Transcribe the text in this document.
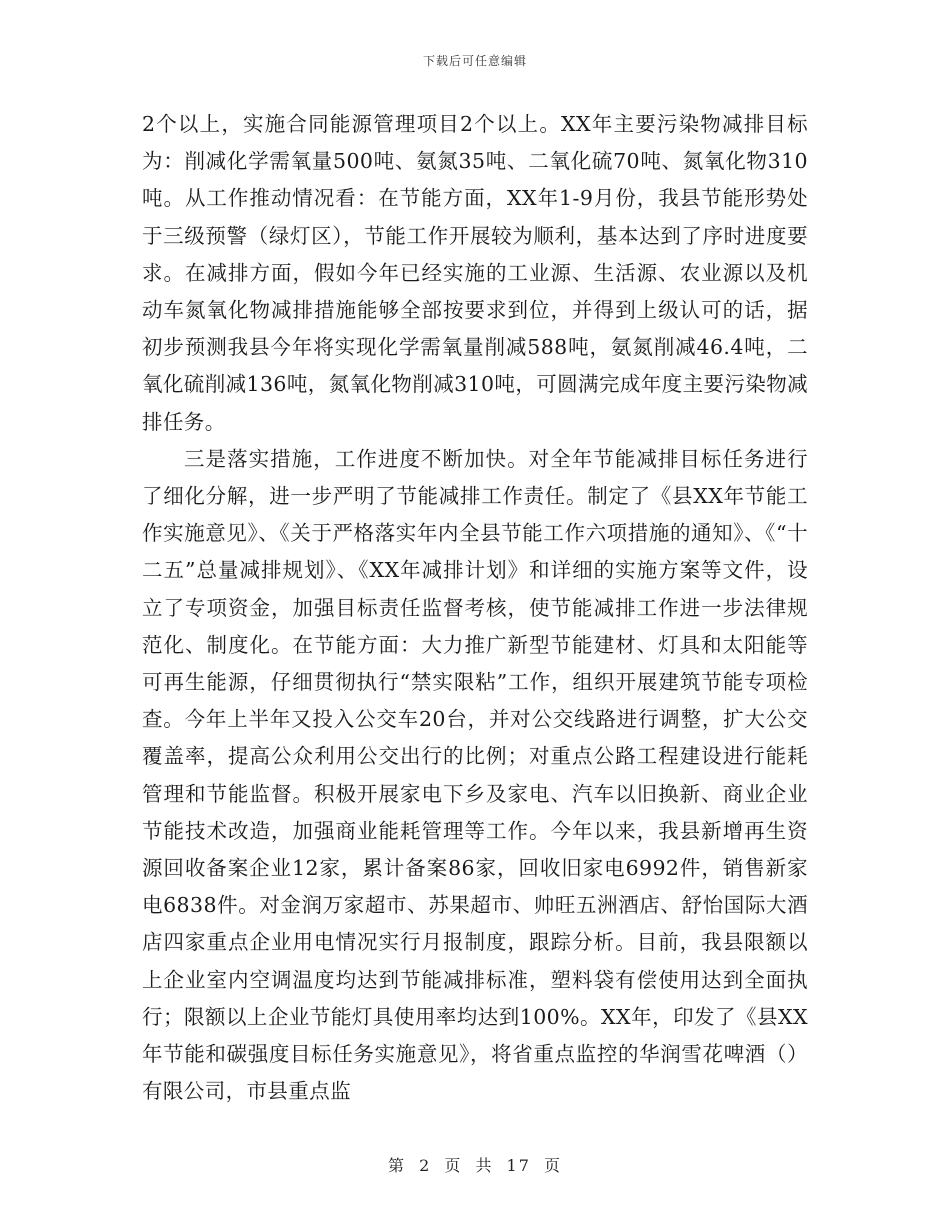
下载后可任意编辑

2个以上，实施合同能源管理项目2个以上。XX年主要污染物减排目标为：削减化学需氧量500吨、氨氮35吨、二氧化硫70吨、氮氧化物310吨。从工作推动情况看：在节能方面，XX年1-9月份，我县节能形势处于三级预警（绿灯区），节能工作开展较为顺利，基本达到了序时进度要求。在减排方面，假如今年已经实施的工业源、生活源、农业源以及机动车氮氧化物减排措施能够全部按要求到位，并得到上级认可的话，据初步预测我县今年将实现化学需氧量削减588吨，氨氮削减46.4吨，二氧化硫削减136吨，氮氧化物削减310吨，可圆满完成年度主要污染物减排任务。

三是落实措施，工作进度不断加快。对全年节能减排目标任务进行了细化分解，进一步严明了节能减排工作责任。制定了《县XX年节能工作实施意见》、《关于严格落实年内全县节能工作六项措施的通知》、《“十二五”总量减排规划》、《XX年减排计划》和详细的实施方案等文件，设立了专项资金，加强目标责任监督考核，使节能减排工作进一步法律规范化、制度化。在节能方面：大力推广新型节能建材、灯具和太阳能等可再生能源，仔细贯彻执行“禁实限粘”工作，组织开展建筑节能专项检查。今年上半年又投入公交车20台，并对公交线路进行调整，扩大公交覆盖率，提高公众利用公交出行的比例；对重点公路工程建设进行能耗管理和节能监督。积极开展家电下乡及家电、汽车以旧换新、商业企业节能技术改造，加强商业能耗管理等工作。今年以来，我县新增再生资源回收备案企业12家，累计备案86家，回收旧家电6992件，销售新家电6838件。对金润万家超市、苏果超市、帅旺五洲酒店、舒怡国际大酒店四家重点企业用电情况实行月报制度，跟踪分析。目前，我县限额以上企业室内空调温度均达到节能减排标准，塑料袋有偿使用达到全面执行；限额以上企业节能灯具使用率均达到100%。XX年，印发了《县XX年节能和碳强度目标任务实施意见》，将省重点监控的华润雪花啤酒（）有限公司，市县重点监

第 2 页 共 17 页
